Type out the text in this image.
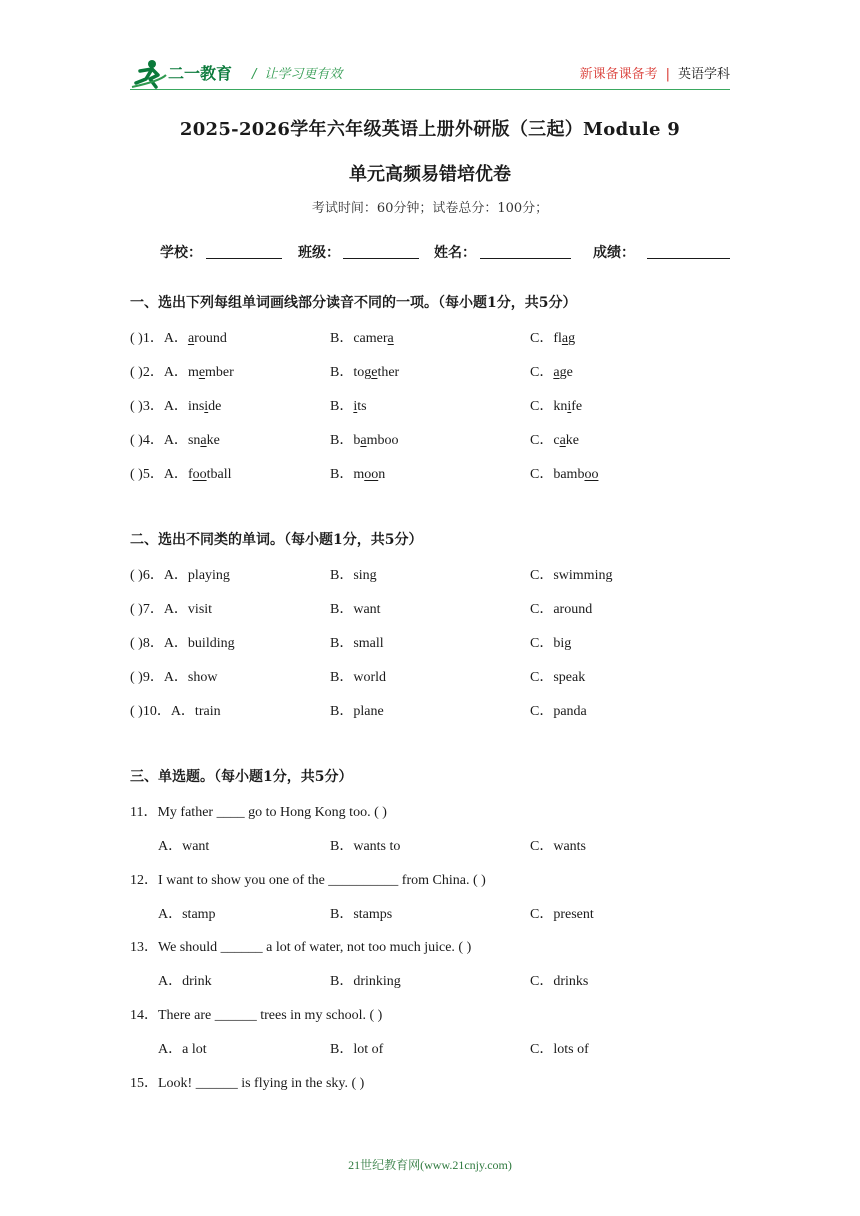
二一教育 / 让学习更有效	新课备课备考 | 英语学科
2025-2026学年六年级英语上册外研版（三起）Module 9
单元高频易错培优卷
考试时间：60分钟；试卷总分：100分；
学校：	班级：	姓名：	成绩：
一、选出下列每组单词画线部分读音不同的一项。（每小题1分，共5分）
( )1．A．around	B．camera	C．flag
( )2．A．member	B．together	C．age
( )3．A．inside	B．its	C．knife
( )4．A．snake	B．bamboo	C．cake
( )5．A．football	B．moon	C．bamboo
二、选出不同类的单词。（每小题1分，共5分）
( )6．A．playing	B．sing	C．swimming
( )7．A．visit	B．want	C．around
( )8．A．building	B．small	C．big
( )9．A．show	B．world	C．speak
( )10．A．train	B．plane	C．panda
三、单选题。（每小题1分，共5分）
11．My father ____ go to Hong Kong too. ( )
A．want	B．wants to	C．wants
12．I want to show you one of the __________ from China. ( )
A．stamp	B．stamps	C．present
13．We should ______ a lot of water, not too much juice. ( )
A．drink	B．drinking	C．drinks
14．There are ______ trees in my school. ( )
A．a lot	B．lot of	C．lots of
15．Look! ______ is flying in the sky. ( )
21世纪教育网(www.21cnjy.com)
